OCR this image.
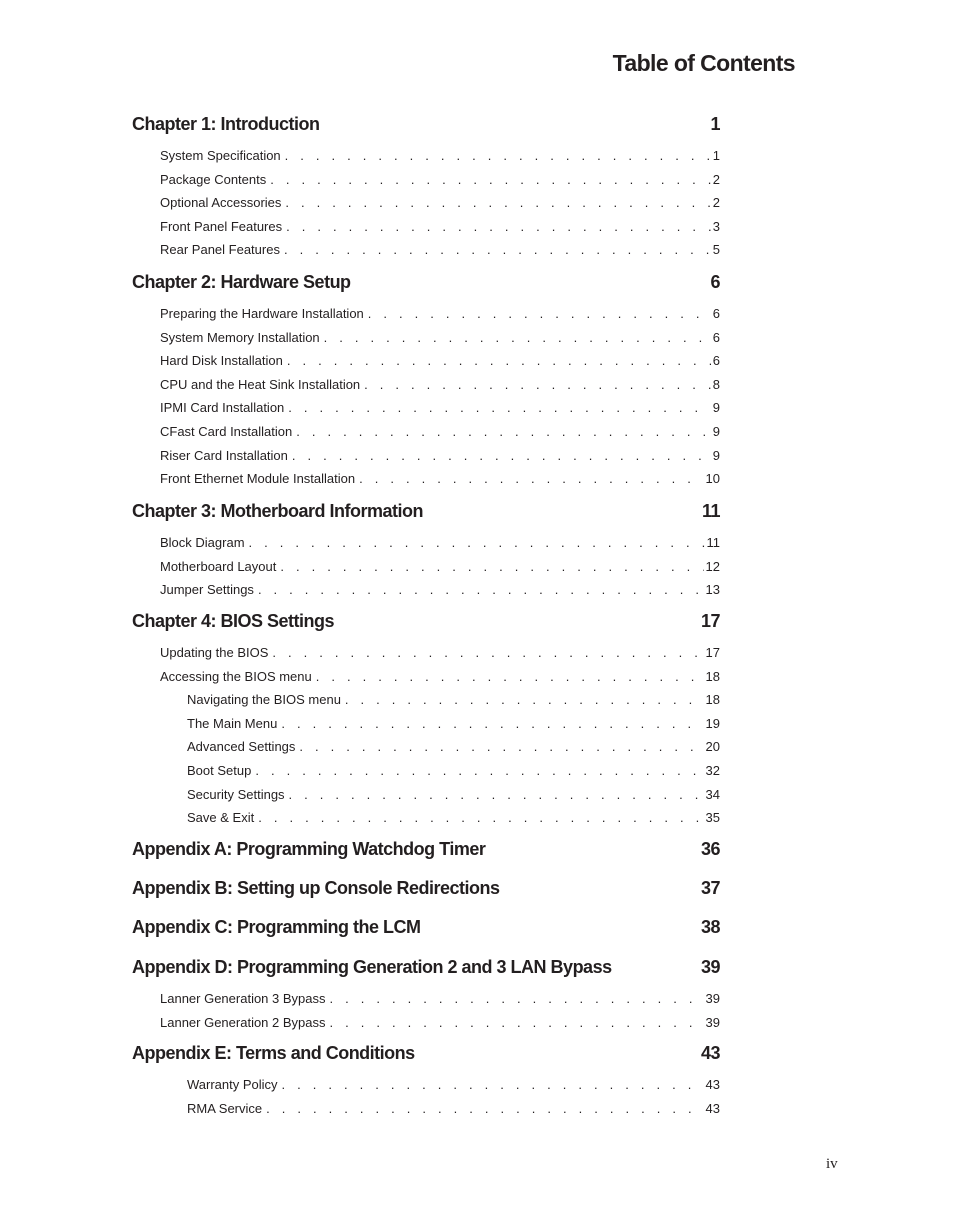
Table of Contents
Chapter 1: Introduction	1
System Specification . . .	1
Package Contents . . .	2
Optional Accessories . . .	2
Front Panel Features . . .	3
Rear Panel Features . . .	5
Chapter 2: Hardware Setup	6
Preparing the Hardware Installation . . .	6
System Memory Installation . . .	6
Hard Disk Installation . . .	6
CPU and the Heat Sink Installation . . .	8
IPMI Card Installation . . .	9
CFast Card Installation . . .	9
Riser Card Installation . . .	9
Front Ethernet Module Installation . . .	10
Chapter 3: Motherboard Information	11
Block Diagram . . .	11
Motherboard Layout . . .	12
Jumper Settings . . .	13
Chapter 4: BIOS Settings	17
Updating the BIOS . . .	17
Accessing the BIOS menu . . .	18
Navigating the BIOS menu . . .	18
The Main Menu . . .	19
Advanced Settings . . .	20
Boot Setup . . .	32
Security Settings . . .	34
Save & Exit . . .	35
Appendix A: Programming Watchdog Timer	36
Appendix B: Setting up Console Redirections	37
Appendix C: Programming the LCM	38
Appendix D: Programming Generation 2 and 3 LAN Bypass	39
Lanner Generation 3 Bypass . . .	39
Lanner Generation 2 Bypass . . .	39
Appendix E: Terms and Conditions	43
Warranty Policy . . .	43
RMA Service . . .	43
iv
